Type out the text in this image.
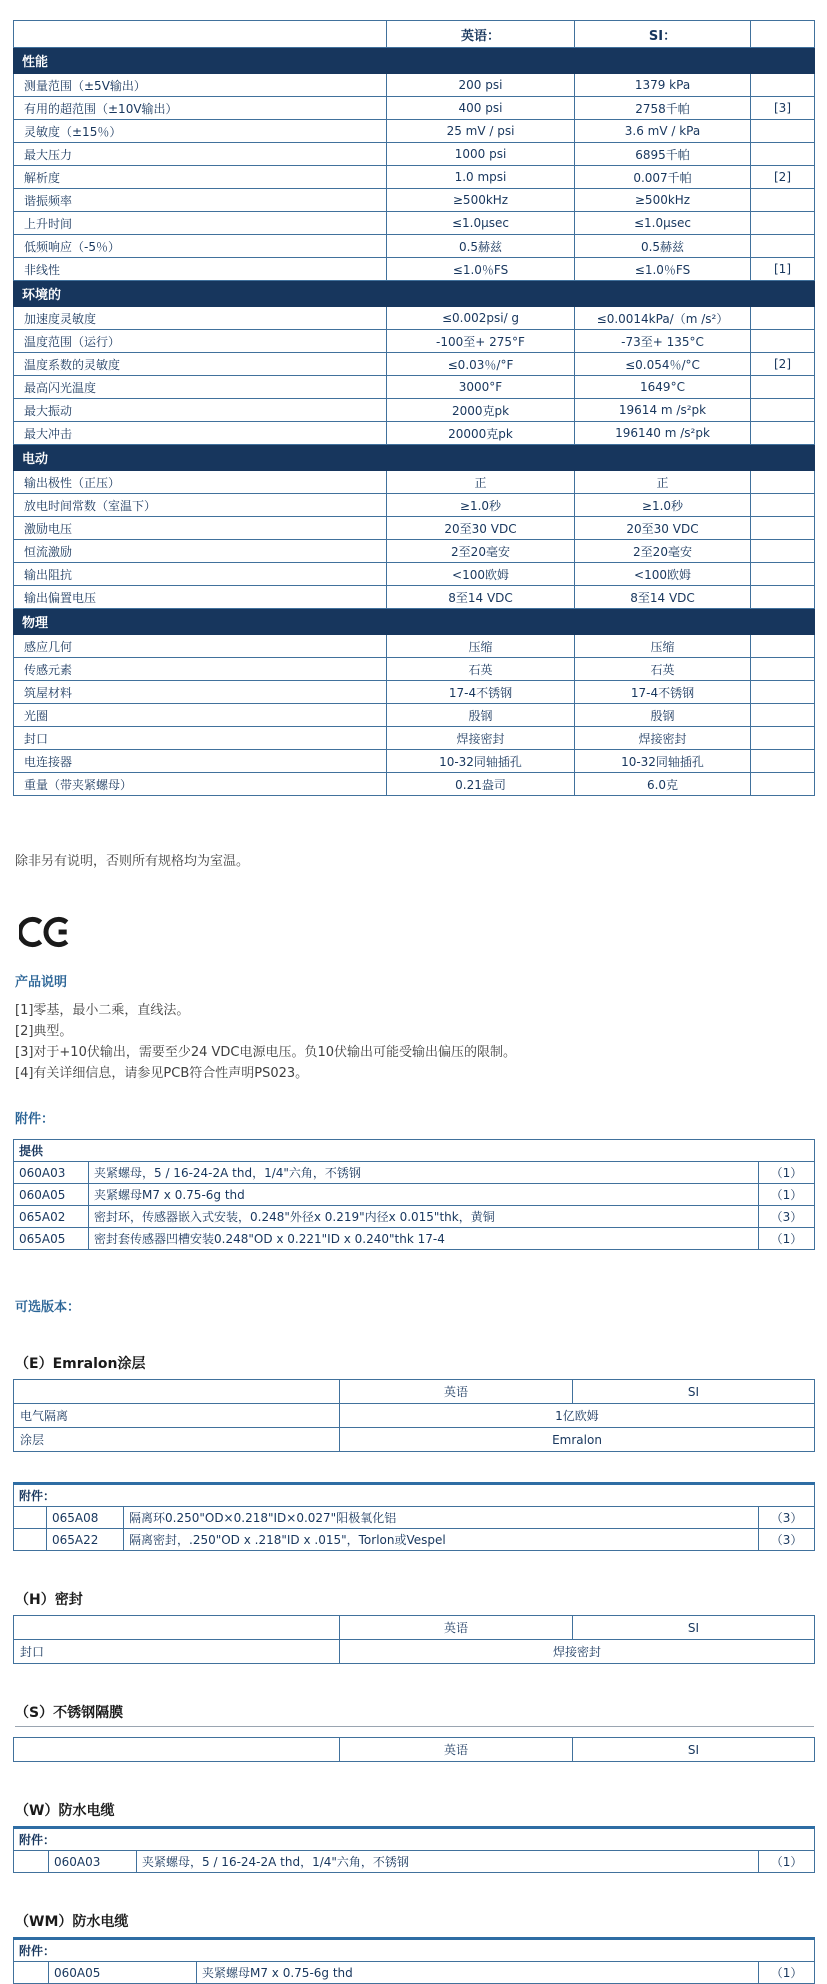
	英语：	SI：	
性能			
测量范围（±5V输出）	200 psi	1379 kPa	
有用的超范围（±10V输出）	400 psi	2758千帕	[3]
灵敏度（±15％）	25 mV / psi	3.6 mV / kPa	
最大压力	1000 psi	6895千帕	
解析度	1.0 mpsi	0.007千帕	[2]
谐振频率	≥500kHz	≥500kHz	
上升时间	≤1.0μsec	≤1.0μsec	
低频响应（-5％）	0.5赫兹	0.5赫兹	
非线性	≤1.0％FS	≤1.0％FS	[1]
环境的			
加速度灵敏度	≤0.002psi/ g	≤0.0014kPa/（m /s²）	
温度范围（运行）	-100至+ 275°F	-73至+ 135°C	
温度系数的灵敏度	≤0.03％/°F	≤0.054％/°C	[2]
最高闪光温度	3000°F	1649°C	
最大振动	2000克pk	19614 m /s²pk	
最大冲击	20000克pk	196140 m /s²pk	
电动			
输出极性（正压）	正	正	
放电时间常数（室温下）	≥1.0秒	≥1.0秒	
激励电压	20至30 VDC	20至30 VDC	
恒流激励	2至20毫安	2至20毫安	
输出阻抗	<100欧姆	<100欧姆	
输出偏置电压	8至14 VDC	8至14 VDC	
物理			
感应几何	压缩	压缩	
传感元素	石英	石英	
筑屋材料	17-4不锈钢	17-4不锈钢	
光圈	殷钢	殷钢	
封口	焊接密封	焊接密封	
电连接器	10-32同轴插孔	10-32同轴插孔	
重量（带夹紧螺母）	0.21盎司	6.0克	

除非另有说明，否则所有规格均为室温。

产品说明
[1]零基，最小二乘，直线法。
[2]典型。
[3]对于+10伏输出，需要至少24 VDC电源电压。负10伏输出可能受输出偏压的限制。
[4]有关详细信息，请参见PCB符合性声明PS023。
附件：
提供		
060A03	夹紧螺母，5 / 16-24-2A thd，1/4"六角，不锈钢	（1）
060A05	夹紧螺母M7 x 0.75-6g thd	（1）
065A02	密封环，传感器嵌入式安装，0.248"外径x 0.219"内径x 0.015"thk，黄铜	（3）
065A05	密封套传感器凹槽安装0.248"OD x 0.221"ID x 0.240"thk 17-4	（1）
可选版本：
（E）Emralon涂层
	英语	SI
电气隔离	1亿欧姆	
涂层	Emralon	
附件：			
	065A08	隔离环0.250"OD×0.218"ID×0.027"阳极氧化铝	（3）
	065A22	隔离密封，.250"OD x .218"ID x .015"，Torlon或Vespel	（3）
（H）密封
	英语	SI
封口	焊接密封	
（S）不锈钢隔膜
	英语	SI
（W）防水电缆
附件：
	060A03	夹紧螺母，5 / 16-24-2A thd，1/4"六角，不锈钢	（1）
（WM）防水电缆
附件：
	060A05	夹紧螺母M7 x 0.75-6g thd	（1）
